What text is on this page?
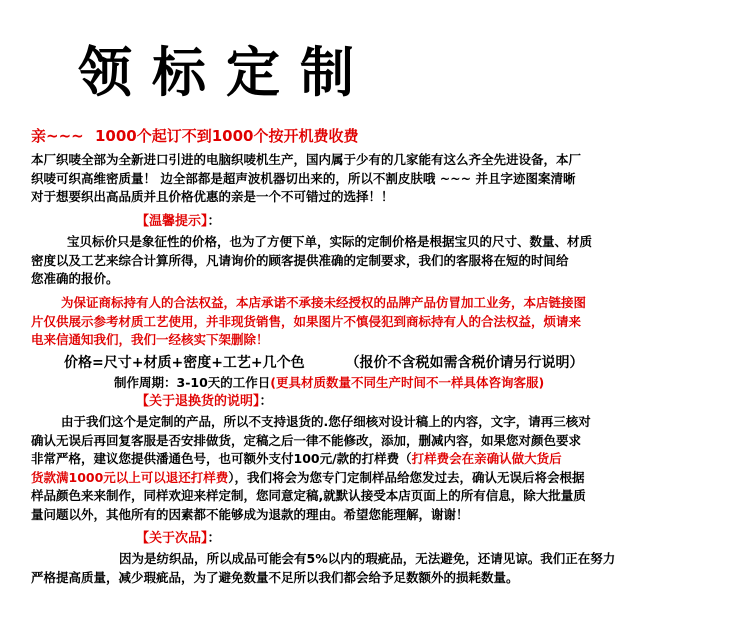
领标定制
亲~~~ 1000个起订不到1000个按开机费收费
本厂织唛全部为全新进口引进的电脑织唛机生产，国内属于少有的几家能有这么齐全先进设备，本厂
织唛可织高维密质量！ 边全部都是超声波机器切出来的，所以不割皮肤哦 ~~~ 并且字迹图案清晰
对于想要织出高品质并且价格优惠的亲是一个不可错过的选择！！
【温馨提示】：
宝贝标价只是象征性的价格，也为了方便下单，实际的定制价格是根据宝贝的尺寸、数量、材质
密度以及工艺来综合计算所得，凡请询价的顾客提供准确的定制要求，我们的客服将在短的时间给
您准确的报价。
为保证商标持有人的合法权益，本店承诺不承接未经授权的品牌产品仿冒加工业务，本店链接图
片仅供展示参考材质工艺使用，并非现货销售，如果图片不慎侵犯到商标持有人的合法权益，烦请来
电来信通知我们，我们一经核实下架删除！
价格=尺寸+材质+密度+工艺+几个色	（报价不含税如需含税价请另行说明）
制作周期：3-10天的工作日(更具材质数量不同生产时间不一样具体咨询客服)
【关于退换货的说明】：
由于我们这个是定制的产品，所以不支持退货的.您仔细核对设计稿上的内容，文字，请再三核对
确认无误后再回复客服是否安排做货，定稿之后一律不能修改，添加，删减内容，如果您对颜色要求
非常严格，建议您提供潘通色号，也可额外支付100元/款的打样费（打样费会在亲确认做大货后
货款满1000元以上可以退还打样费），我们将会为您专门定制样品给您发过去，确认无误后将会根据
样品颜色来来制作，同样欢迎来样定制，您同意定稿,就默认接受本店页面上的所有信息，除大批量质
量问题以外，其他所有的因素都不能够成为退款的理由。希望您能理解，谢谢！
【关于次品】：
因为是纺织品，所以成品可能会有5%以内的瑕疵品，无法避免，还请见谅。我们正在努力
严格提高质量，减少瑕疵品，为了避免数量不足所以我们都会给予足数额外的损耗数量。
